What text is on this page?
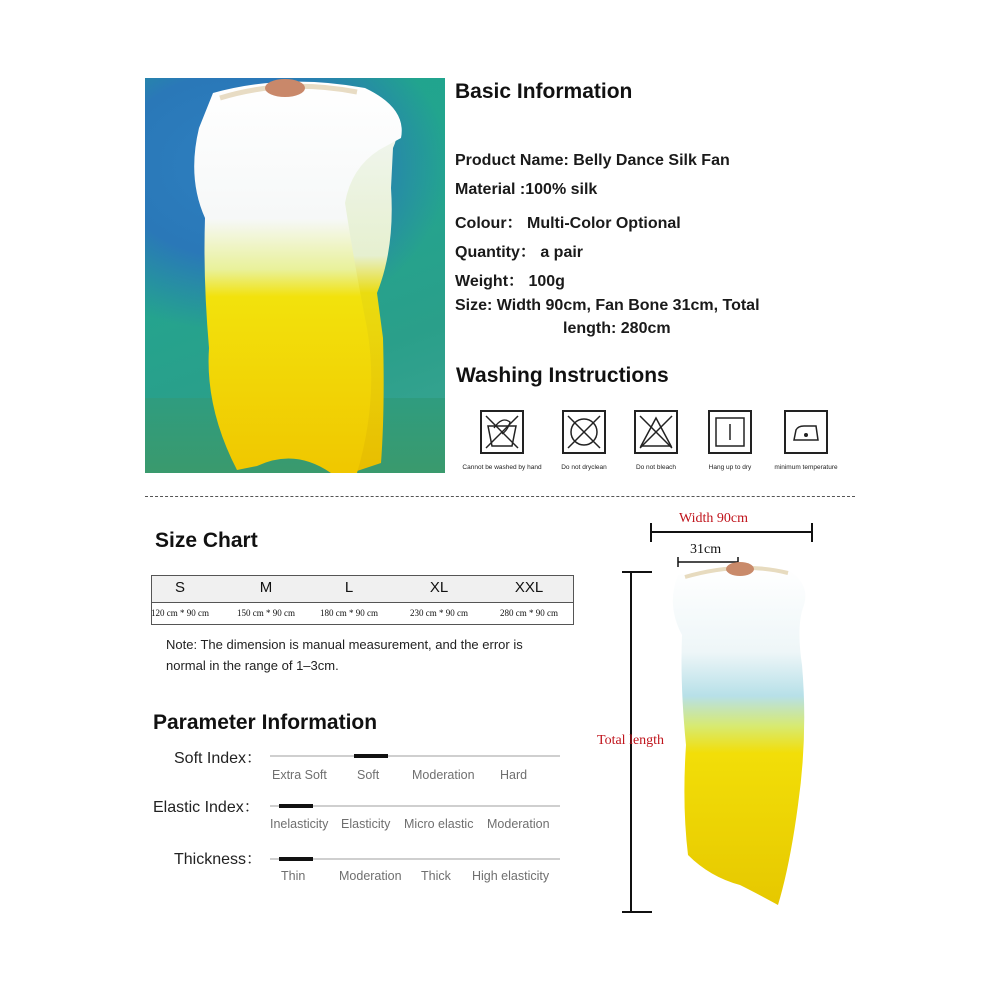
Basic Information
Product Name: Belly Dance Silk Fan
Material :100% silk
Colour： Multi-Color Optional
Quantity： a pair
Weight： 100g
Size: Width 90cm, Fan Bone 31cm, Total
length: 280cm
Washing Instructions
Cannot be washed by hand	Do not dryclean	Do not bleach	Hang up to dry	minimum temperature
Size Chart
S	M	L	XL	XXL
120 cm * 90 cm	150 cm * 90 cm	180 cm * 90 cm	230 cm * 90 cm	280 cm * 90 cm
Note: The dimension is manual measurement, and the error is
normal in the range of 1–3cm.
Parameter Information
Soft Index：
Extra Soft Soft	Moderation Hard
Elastic Index：
Inelasticity Elasticity Micro elastic Moderation
Thickness：
Thin	Moderation Thick High elasticity
Width 90cm
31cm
Total length
